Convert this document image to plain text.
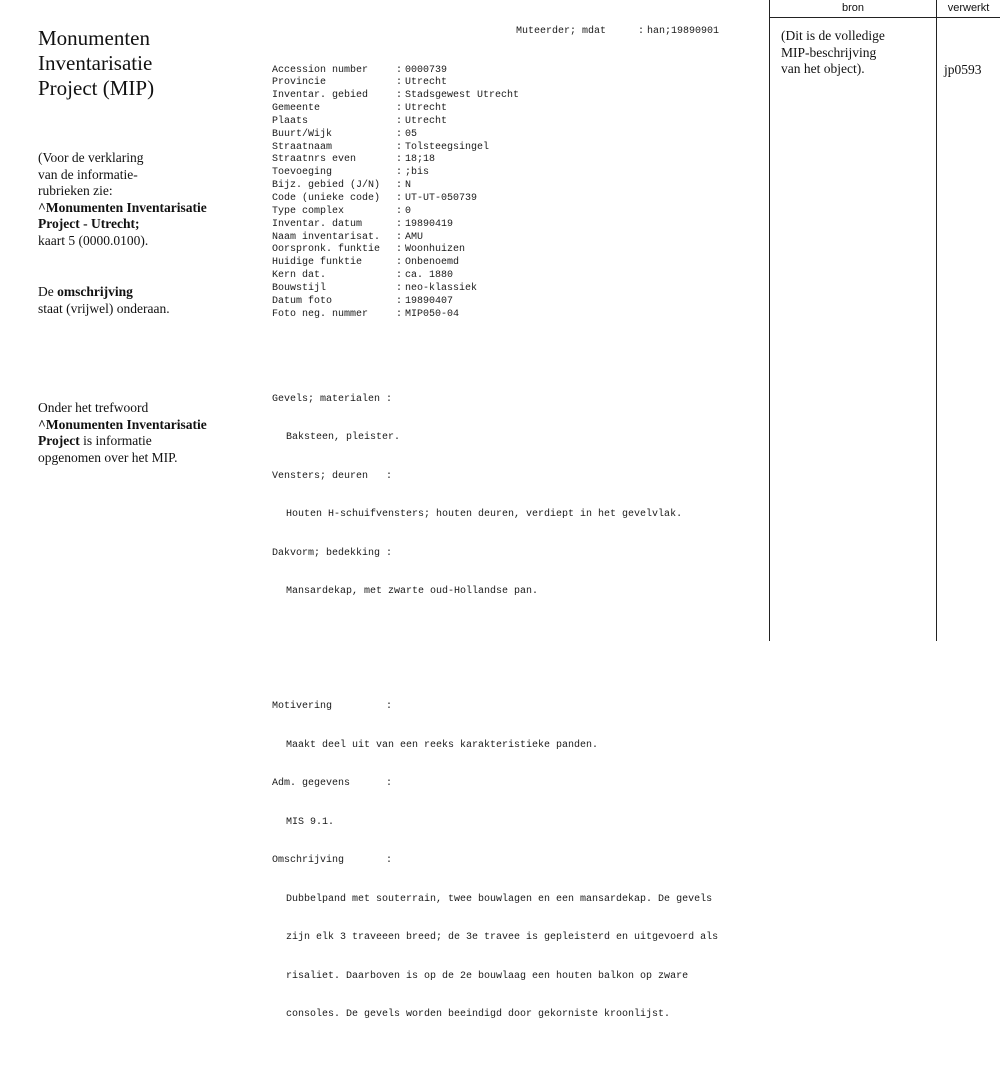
Monumenten
Inventarisatie
Project (MIP)
(Voor de verklaring
van de informatie-
rubrieken zie:
^Monumenten Inventarisatie
Project - Utrecht;
kaart 5 (0000.0100).
De omschrijving
staat (vrijwel) onderaan.
Onder het trefwoord
^Monumenten Inventarisatie
Project is informatie
opgenomen over het MIP.

Muteerder; mdat	: han;19890901

Accession number	: 0000739
Provincie	: Utrecht
Inventar. gebied	: Stadsgewest Utrecht
Gemeente	: Utrecht
Plaats	: Utrecht
Buurt/Wijk	: 05
Straatnaam	: Tolsteegsingel
Straatnrs even	: 18;18
Toevoeging	: ;bis
Bijz. gebied (J/N) : N
Code (unieke code) : UT-UT-050739
Type complex	: 0
Inventar. datum	: 19890419
Naam inventarisat. : AMU
Oorspronk. funktie : Woonhuizen
Huidige funktie	: Onbenoemd
Kern dat.	: ca. 1880
Bouwstijl	: neo-klassiek
Datum foto	: 19890407
Foto neg. nummer	: MIP050-04

Gevels; materialen :

Baksteen, pleister.

Vensters; deuren   :

Houten H-schuifvensters; houten deuren, verdiept in het gevelvlak.

Dakvorm; bedekking :

Mansardekap, met zwarte oud-Hollandse pan.

Motivering         :

Maakt deel uit van een reeks karakteristieke panden.

Adm. gegevens      :

MIS 9.1.

Omschrijving       :

Dubbelpand met souterrain, twee bouwlagen en een mansardekap. De gevels

zijn elk 3 traveeen breed; de 3e travee is gepleisterd en uitgevoerd als

risaliet. Daarboven is op de 2e bouwlaag een houten balkon op zware

consoles. De gevels worden beeindigd door gekorniste kroonlijst.

bron	verwerkt
(Dit is de volledige
MIP-beschrijving
van het object).	jp0593
